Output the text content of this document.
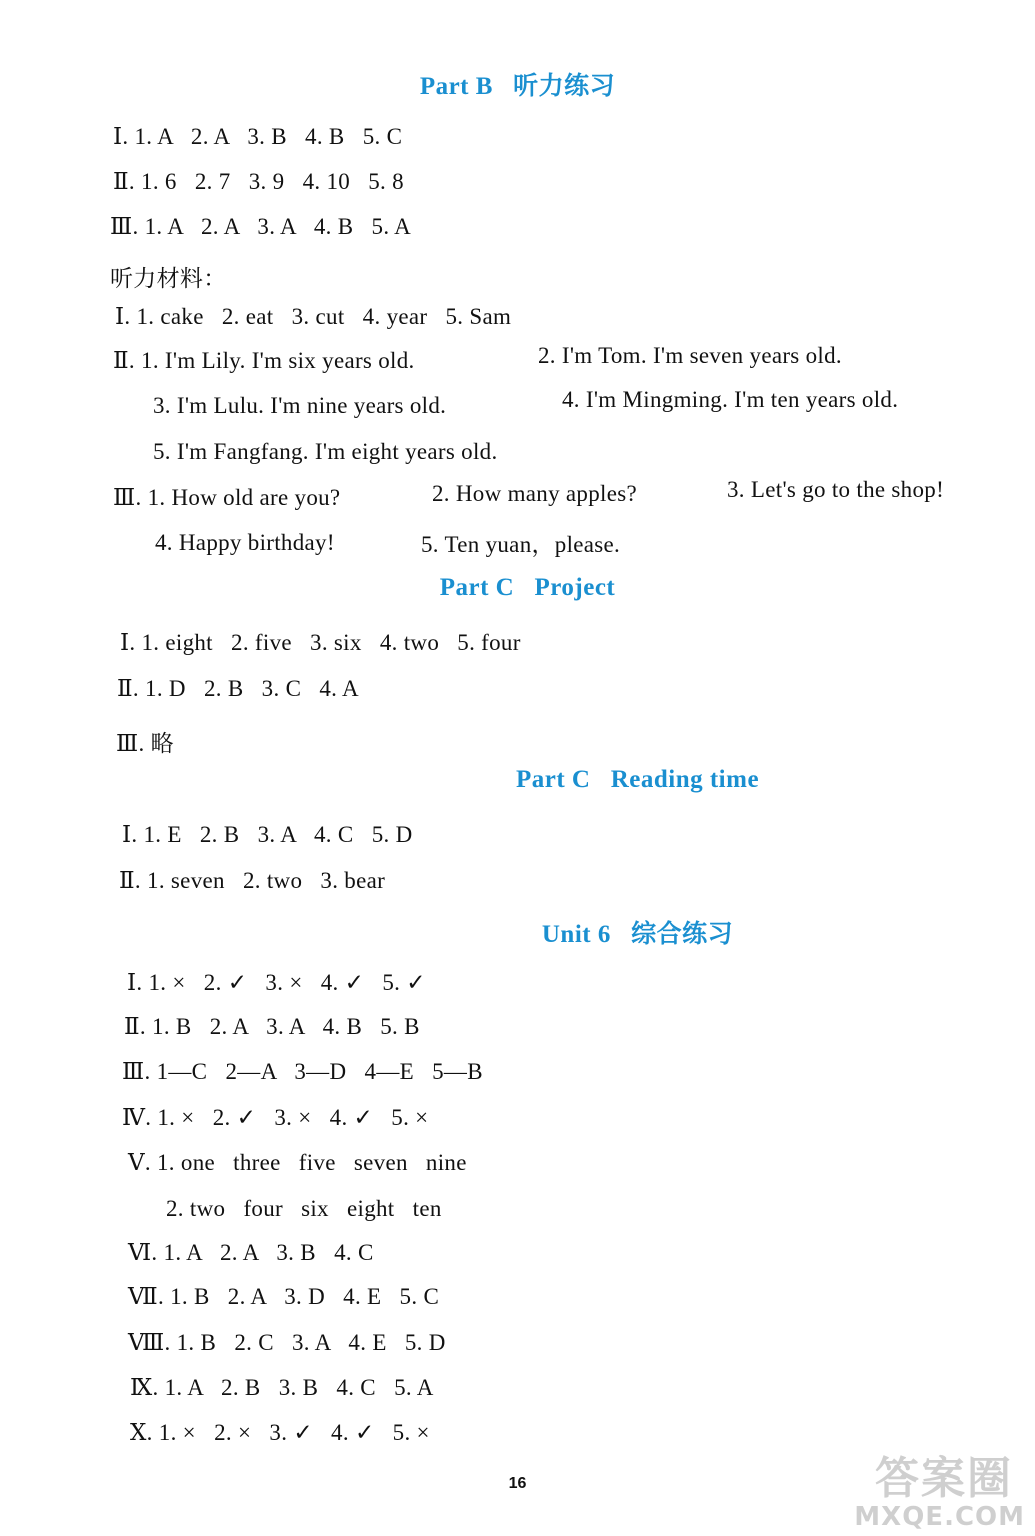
Part B   听力练习
Ⅰ. 1. A   2. A   3. B   4. B   5. C
Ⅱ. 1. 6   2. 7   3. 9   4. 10   5. 8
Ⅲ. 1. A   2. A   3. A   4. B   5. A
听力材料：
Ⅰ. 1. cake   2. eat   3. cut   4. year   5. Sam
Ⅱ. 1. I'm Lily. I'm six years old.	2. I'm Tom. I'm seven years old.
3. I'm Lulu. I'm nine years old.	4. I'm Mingming. I'm ten years old.
5. I'm Fangfang. I'm eight years old.
Ⅲ. 1. How old are you?	2. How many apples?	3. Let's go to the shop!
4. Happy birthday!	5. Ten yuan，please.
Part C   Project
Ⅰ. 1. eight   2. five   3. six   4. two   5. four
Ⅱ. 1. D   2. B   3. C   4. A
Ⅲ. 略
Part C   Reading time
Ⅰ. 1. E   2. B   3. A   4. C   5. D
Ⅱ. 1. seven   2. two   3. bear
Unit 6   综合练习
Ⅰ. 1. ×   2. ✓   3. ×   4. ✓   5. ✓
Ⅱ. 1. B   2. A   3. A   4. B   5. B
Ⅲ. 1—C   2—A   3—D   4—E   5—B
Ⅳ. 1. ×   2. ✓   3. ×   4. ✓   5. ×
Ⅴ. 1. one   three   five   seven   nine
2. two   four   six   eight   ten
Ⅵ. 1. A   2. A   3. B   4. C
Ⅶ. 1. B   2. A   3. D   4. E   5. C
Ⅷ. 1. B   2. C   3. A   4. E   5. D
Ⅸ. 1. A   2. B   3. B   4. C   5. A
Ⅹ. 1. ×   2. ×   3. ✓   4. ✓   5. ×
16	答案圈
MXQE.COM
